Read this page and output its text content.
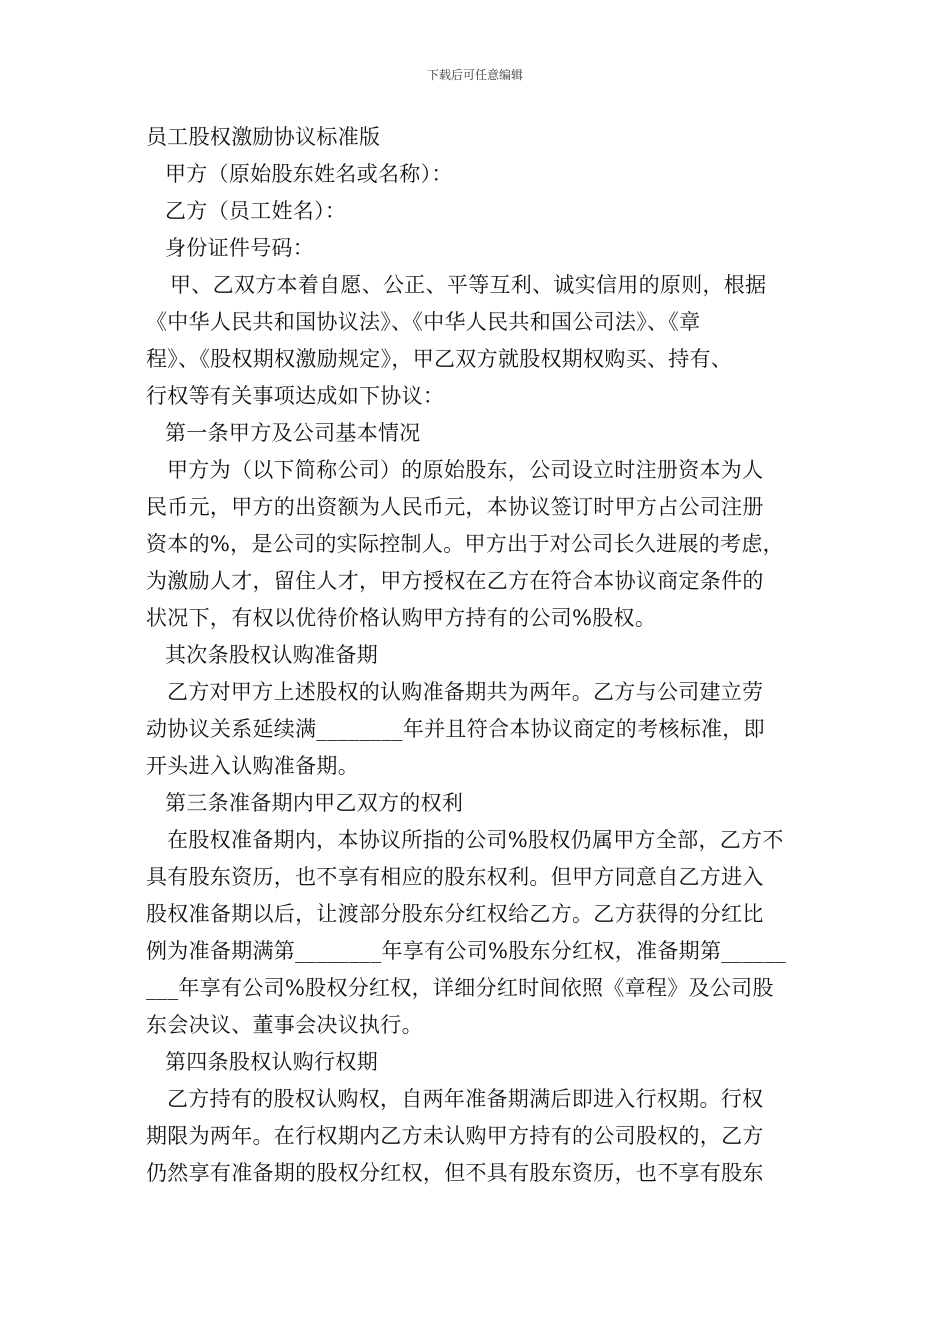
下载后可任意编辑
员工股权激励协议标准版
甲方（原始股东姓名或名称）：
乙方（员工姓名）：
身份证件号码：
甲、乙双方本着自愿、公正、平等互利、诚实信用的原则，根据
《中华人民共和国协议法》、《中华人民共和国公司法》、《章
程》、《股权期权激励规定》，甲乙双方就股权期权购买、持有、
行权等有关事项达成如下协议：
第一条甲方及公司基本情况
甲方为（以下简称公司）的原始股东，公司设立时注册资本为人
民币元，甲方的出资额为人民币元，本协议签订时甲方占公司注册
资本的%，是公司的实际控制人。甲方出于对公司长久进展的考虑，
为激励人才，留住人才，甲方授权在乙方在符合本协议商定条件的
状况下，有权以优待价格认购甲方持有的公司%股权。
其次条股权认购准备期
乙方对甲方上述股权的认购准备期共为两年。乙方与公司建立劳
动协议关系延续满________年并且符合本协议商定的考核标准，即
开头进入认购准备期。
第三条准备期内甲乙双方的权利
在股权准备期内，本协议所指的公司%股权仍属甲方全部，乙方不
具有股东资历，也不享有相应的股东权利。但甲方同意自乙方进入
股权准备期以后，让渡部分股东分红权给乙方。乙方获得的分红比
例为准备期满第________年享有公司%股东分红权，准备期第______
___年享有公司%股权分红权，详细分红时间依照《章程》及公司股
东会决议、董事会决议执行。
第四条股权认购行权期
乙方持有的股权认购权，自两年准备期满后即进入行权期。行权
期限为两年。在行权期内乙方未认购甲方持有的公司股权的，乙方
仍然享有准备期的股权分红权，但不具有股东资历，也不享有股东
